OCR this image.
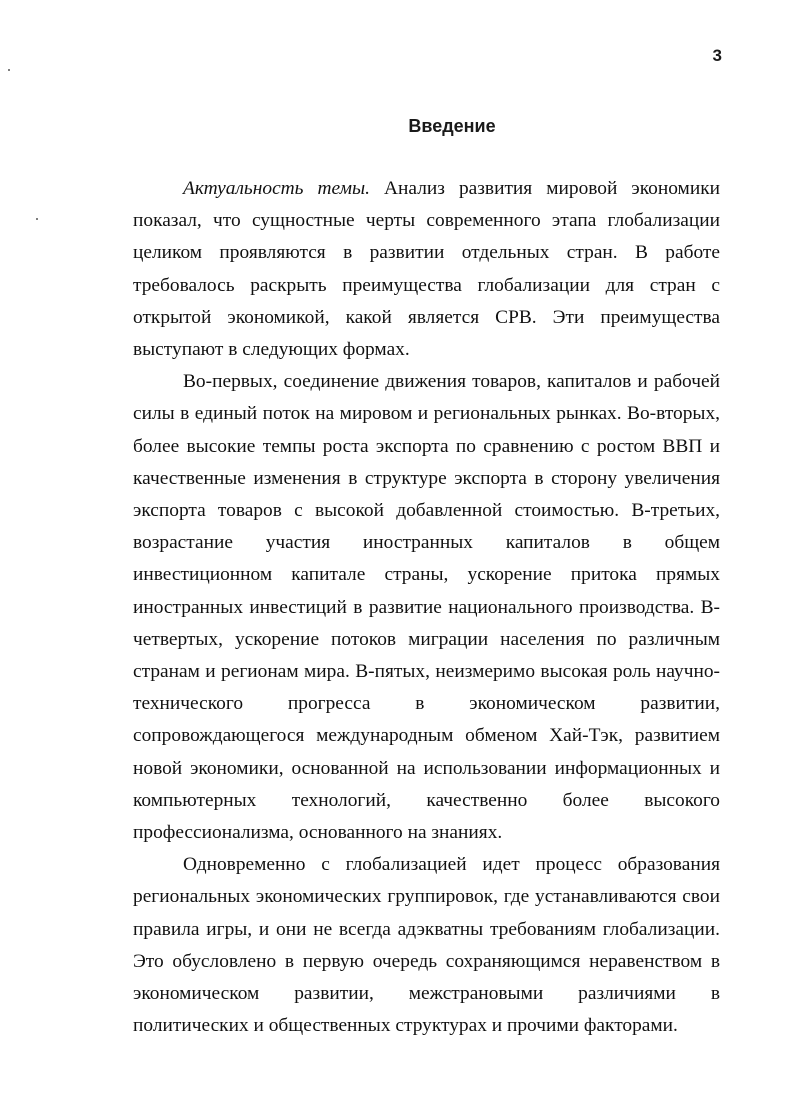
3
Введение

Актуальность темы. Анализ развития мировой экономики показал, что сущностные черты современного этапа глобализации целиком проявляются в развитии отдельных стран. В работе требовалось раскрыть преимущества глобализации для стран с открытой экономикой, какой является СРВ. Эти преимущества выступают в следующих формах.

Во-первых, соединение движения товаров, капиталов и рабочей силы в единый поток на мировом и региональных рынках. Во-вторых, более высокие темпы роста экспорта по сравнению с ростом ВВП и качественные изменения в структуре экспорта в сторону увеличения экспорта товаров с высокой добавленной стоимостью. В-третьих, возрастание участия иностранных капиталов в общем инвестиционном капитале страны, ускорение притока прямых иностранных инвестиций в развитие национального производства. В-четвертых, ускорение потоков миграции населения по различным странам и регионам мира. В-пятых, неизмеримо высокая роль научно-технического прогресса в экономическом развитии, сопровождающегося международным обменом Хай-Тэк, развитием новой экономики, основанной на использовании информационных и компьютерных технологий, качественно более высокого профессионализма, основанного на знаниях.

Одновременно с глобализацией идет процесс образования региональных экономических группировок, где устанавливаются свои правила игры, и они не всегда адэкватны требованиям глобализации. Это обусловлено в первую очередь сохраняющимся неравенством в экономическом развитии, межстрановыми различиями в политических и общественных структурах и прочими факторами.
